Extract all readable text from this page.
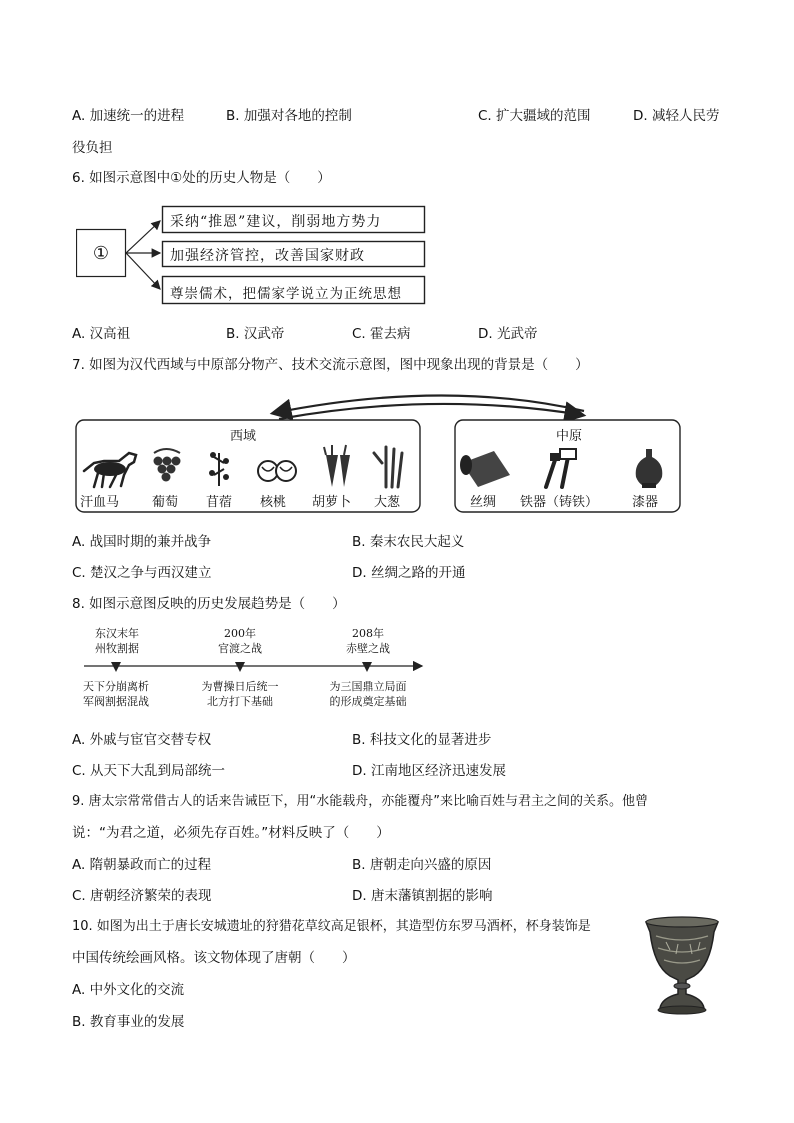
A. 加速统一的进程	B. 加强对各地的控制	C. 扩大疆域的范围	D. 减轻人民劳
役负担
6. 如图示意图中①处的历史人物是（　　）
①
采纳“推恩”建议，削弱地方势力
加强经济管控，改善国家财政
尊崇儒术，把儒家学说立为正统思想
A. 汉高祖	B. 汉武帝	C. 霍去病	D. 光武帝
7. 如图为汉代西域与中原部分物产、技术交流示意图，图中现象出现的背景是（　　）
西域	中原
汗血马	葡萄 苜蓿 核桃 胡萝卜 大葱	丝绸 铁器（铸铁）	漆器
A. 战国时期的兼并战争	B. 秦末农民大起义
C. 楚汉之争与西汉建立	D. 丝绸之路的开通
8. 如图示意图反映的历史发展趋势是（　　）
东汉末年
州牧割据
200年
官渡之战
208年
赤壁之战
天下分崩离析
军阀割据混战
为曹操日后统一
北方打下基础
为三国鼎立局面
的形成奠定基础
A. 外戚与宦官交替专权	B. 科技文化的显著进步
C. 从天下大乱到局部统一	D. 江南地区经济迅速发展
9. 唐太宗常常借古人的话来告诫臣下，用“水能载舟，亦能覆舟”来比喻百姓与君主之间的关系。他曾
说：“为君之道，必须先存百姓。”材料反映了（　　）
A. 隋朝暴政而亡的过程	B. 唐朝走向兴盛的原因
C. 唐朝经济繁荣的表现	D. 唐末藩镇割据的影响
10. 如图为出土于唐长安城遗址的狩猎花草纹高足银杯，其造型仿东罗马酒杯，杯身装饰是
中国传统绘画风格。该文物体现了唐朝（　　）
A. 中外文化的交流
B. 教育事业的发展
